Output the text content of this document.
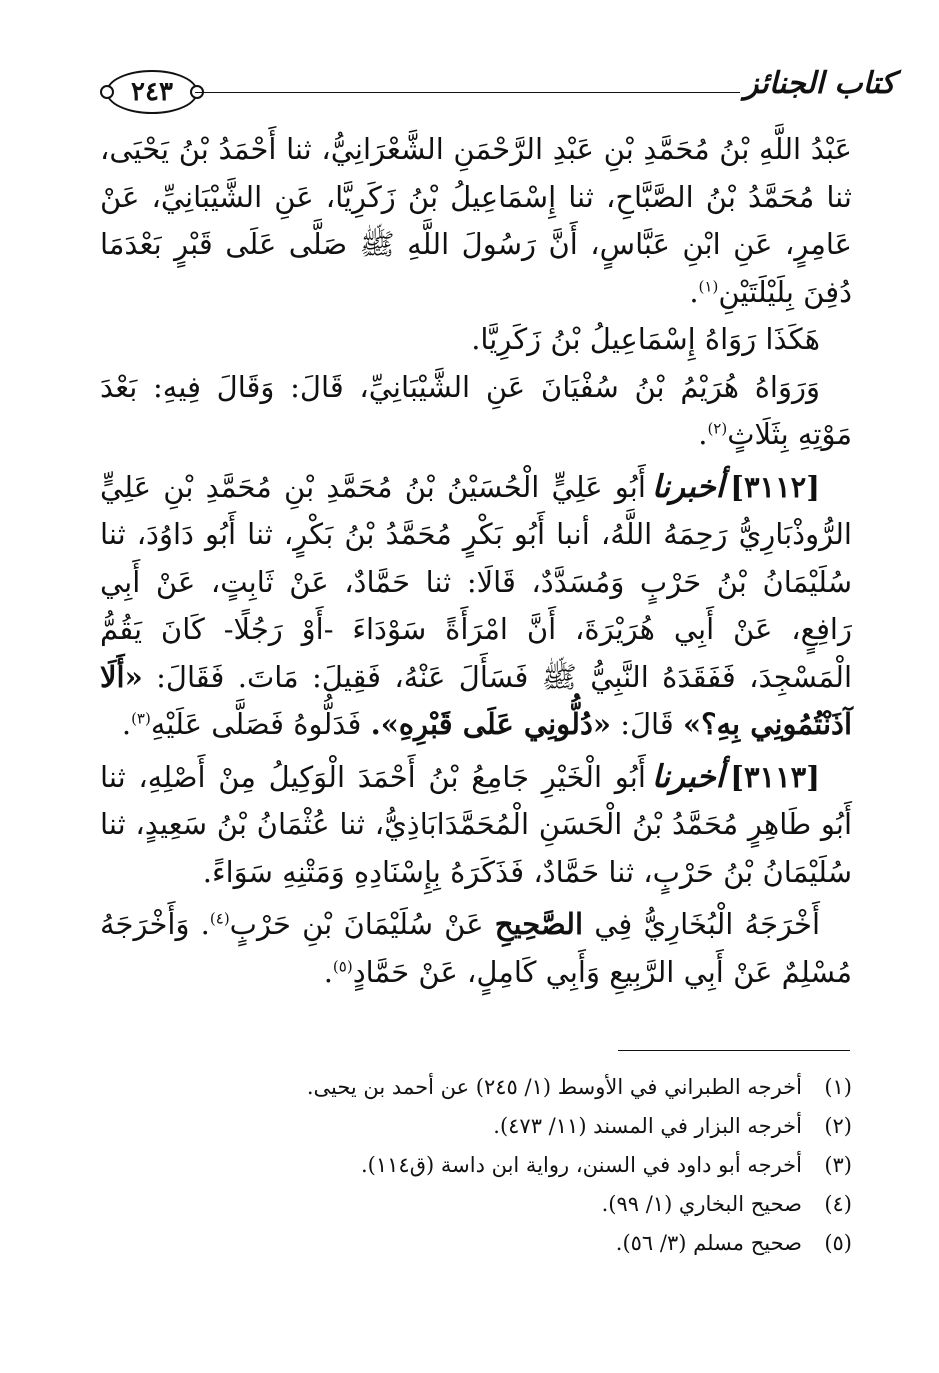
٢٤٣	كتاب الجنائز

عَبْدُ اللَّهِ بْنُ مُحَمَّدِ بْنِ عَبْدِ الرَّحْمَنِ الشَّعْرَانِيُّ، ثنا أَحْمَدُ بْنُ يَحْيَى، ثنا مُحَمَّدُ بْنُ الصَّبَّاحِ، ثنا إِسْمَاعِيلُ بْنُ زَكَرِيَّا، عَنِ الشَّيْبَانِيِّ، عَنْ عَامِرٍ، عَنِ ابْنِ عَبَّاسٍ، أَنَّ رَسُولَ اللَّهِ ﷺ صَلَّى عَلَى قَبْرٍ بَعْدَمَا دُفِنَ بِلَيْلَتَيْنِ$^{(١)}$.

هَكَذَا رَوَاهُ إِسْمَاعِيلُ بْنُ زَكَرِيَّا.

وَرَوَاهُ هُرَيْمُ بْنُ سُفْيَانَ عَنِ الشَّيْبَانِيِّ، قَالَ: وَقَالَ فِيهِ: بَعْدَ مَوْتِهِ بِثَلَاثٍ$^{(٢)}$.

[٣١١٢]أخبرناأَبُو عَلِيٍّ الْحُسَيْنُ بْنُ مُحَمَّدِ بْنِ مُحَمَّدِ بْنِ عَلِيٍّ الرُّوذْبَارِيُّ رَحِمَهُ اللَّهُ، أنبا أَبُو بَكْرٍ مُحَمَّدُ بْنُ بَكْرٍ، ثنا أَبُو دَاوُدَ، ثنا سُلَيْمَانُ بْنُ حَرْبٍ وَمُسَدَّدٌ، قَالَا: ثنا حَمَّادٌ، عَنْ ثَابِتٍ، عَنْ أَبِي رَافِعٍ، عَنْ أَبِي هُرَيْرَةَ، أَنَّ امْرَأَةً سَوْدَاءَ -أَوْ رَجُلًا- كَانَ يَقُمُّ الْمَسْجِدَ، فَفَقَدَهُ النَّبِيُّ ﷺ فَسَأَلَ عَنْهُ، فَقِيلَ: مَاتَ. فَقَالَ: «أَلَا آذَنْتُمُونِي بِهِ؟» قَالَ: «دُلُّونِي عَلَى قَبْرِهِ». فَدَلُّوهُ فَصَلَّى عَلَيْهِ$^{(٣)}$.

[٣١١٣]أخبرناأَبُو الْخَيْرِ جَامِعُ بْنُ أَحْمَدَ الْوَكِيلُ مِنْ أَصْلِهِ، ثنا أَبُو طَاهِرٍ مُحَمَّدُ بْنُ الْحَسَنِ الْمُحَمَّدَابَاذِيُّ، ثنا عُثْمَانُ بْنُ سَعِيدٍ، ثنا سُلَيْمَانُ بْنُ حَرْبٍ، ثنا حَمَّادٌ، فَذَكَرَهُ بِإِسْنَادِهِ وَمَتْنِهِ سَوَاءً.

أَخْرَجَهُ الْبُخَارِيُّ فِي الصَّحِيحِ عَنْ سُلَيْمَانَ بْنِ حَرْبٍ$^{(٤)}$. وَأَخْرَجَهُ مُسْلِمٌ عَنْ أَبِي الرَّبِيعِ وَأَبِي كَامِلٍ، عَنْ حَمَّادٍ$^{(٥)}$.

(١)أخرجه الطبراني في الأوسط (١/ ٢٤٥) عن أحمد بن يحيى.
(٢)أخرجه البزار في المسند (١١/ ٤٧٣).
(٣)أخرجه أبو داود في السنن، رواية ابن داسة (ق١١٤).
(٤)صحيح البخاري (١/ ٩٩).
(٥)صحيح مسلم (٣/ ٥٦).
